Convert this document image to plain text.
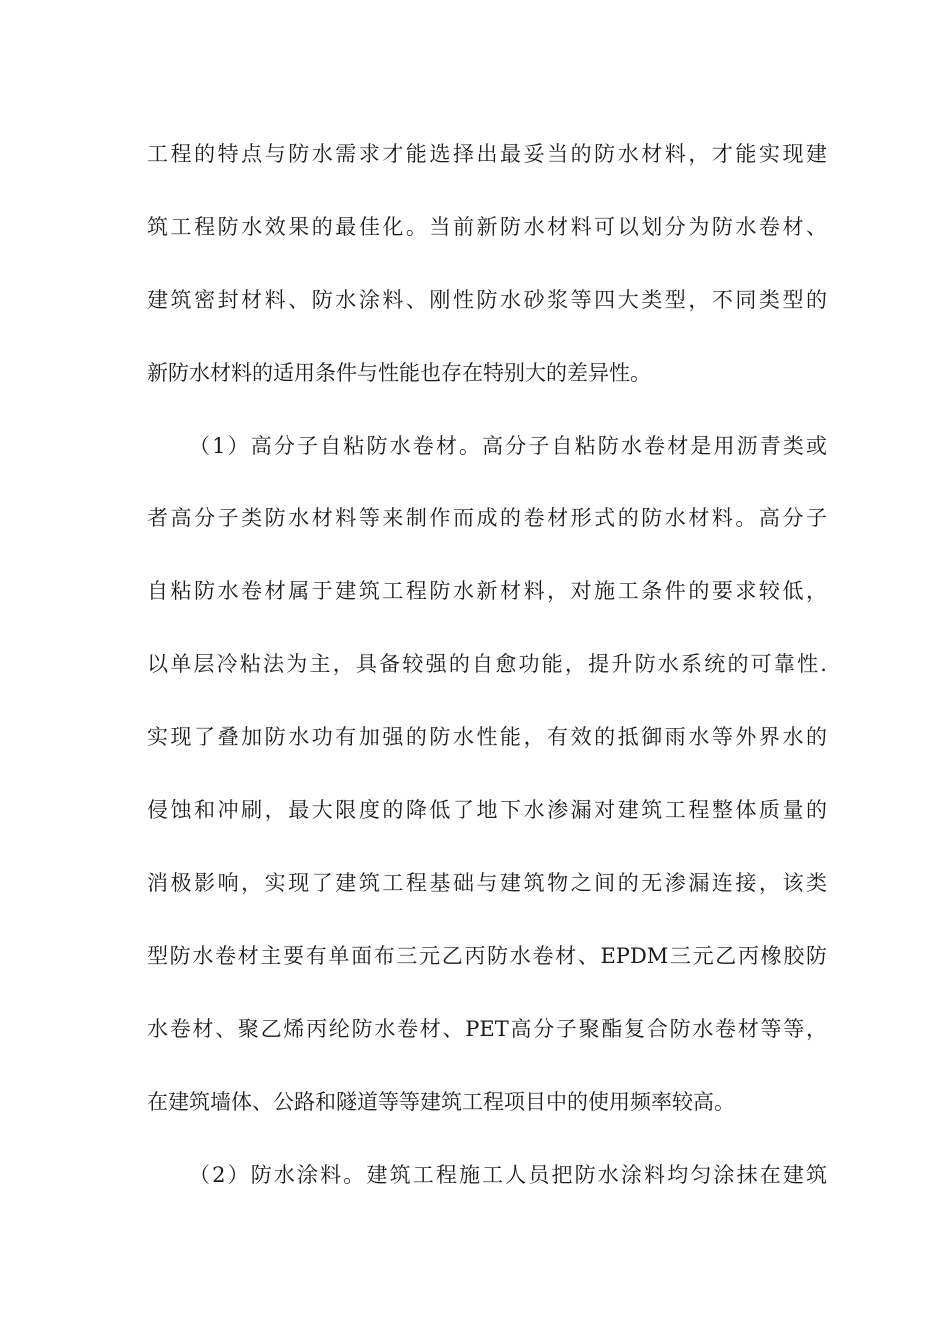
工程的特点与防水需求才能选择出最妥当的防水材料，才能实现建
筑工程防水效果的最佳化。当前新防水材料可以划分为防水卷材、
建筑密封材料、防水涂料、刚性防水砂浆等四大类型，不同类型的
新防水材料的适用条件与性能也存在特别大的差异性。
（1）高分子自粘防水卷材。高分子自粘防水卷材是用沥青类或
者高分子类防水材料等来制作而成的卷材形式的防水材料。高分子
自粘防水卷材属于建筑工程防水新材料，对施工条件的要求较低，
以单层冷粘法为主，具备较强的自愈功能，提升防水系统的可靠性.
实现了叠加防水功有加强的防水性能，有效的抵御雨水等外界水的
侵蚀和冲刷，最大限度的降低了地下水渗漏对建筑工程整体质量的
消极影响，实现了建筑工程基础与建筑物之间的无渗漏连接，该类
型防水卷材主要有单面布三元乙丙防水卷材、EPDM三元乙丙橡胶防
水卷材、聚乙烯丙纶防水卷材、PET高分子聚酯复合防水卷材等等，
在建筑墙体、公路和隧道等等建筑工程项目中的使用频率较高。
（2）防水涂料。建筑工程施工人员把防水涂料均匀涂抹在建筑
